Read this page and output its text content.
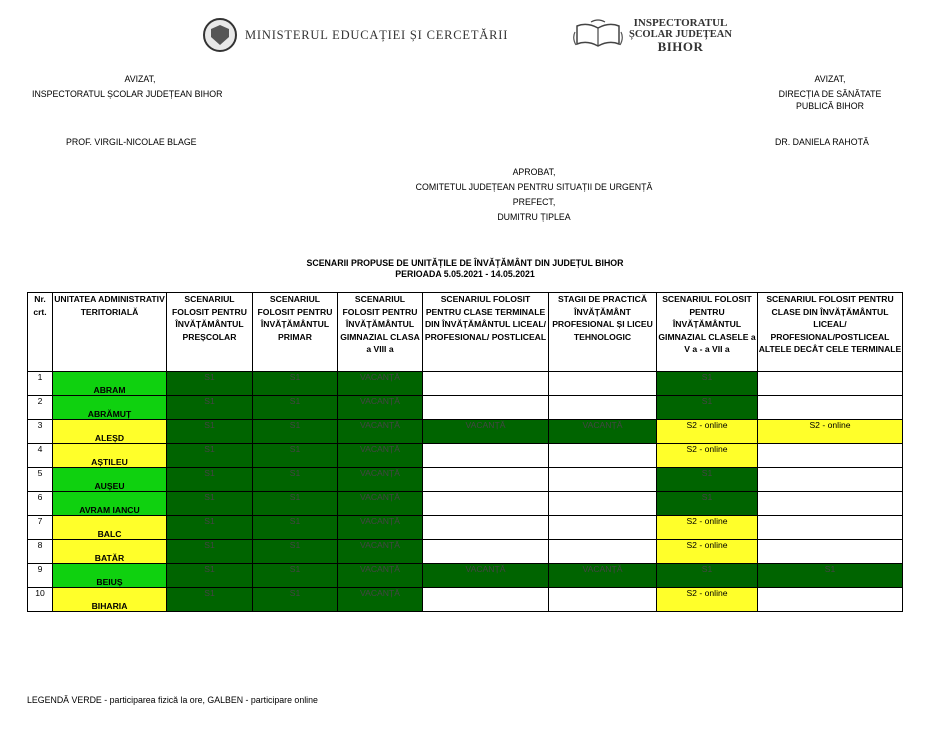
MINISTERUL EDUCAȚIEI ȘI CERCETĂRII
INSPECTORATUL
ȘCOLAR JUDEȚEAN
BIHOR
AVIZAT,
INSPECTORATUL ȘCOLAR JUDEȚEAN BIHOR
PROF. VIRGIL-NICOLAE BLAGE
AVIZAT,
DIRECȚIA DE SĂNĂTATE
PUBLICĂ BIHOR
DR. DANIELA RAHOTĂ
APROBAT,
COMITETUL JUDEȚEAN PENTRU SITUAȚII DE URGENȚĂ
PREFECT,
DUMITRU ȚIPLEA
SCENARII PROPUSE DE UNITĂȚILE DE ÎNVĂȚĂMÂNT DIN JUDEȚUL BIHOR
PERIOADA 5.05.2021 - 14.05.2021
Nr. crt.	UNITATEA ADMINISTRATIV TERITORIALĂ	SCENARIUL FOLOSIT PENTRU ÎNVĂȚĂMÂNTUL PREȘCOLAR	SCENARIUL FOLOSIT PENTRU ÎNVĂȚĂMÂNTUL PRIMAR	SCENARIUL FOLOSIT PENTRU ÎNVĂȚĂMÂNTUL GIMNAZIAL CLASA a VIII a	SCENARIUL FOLOSIT PENTRU CLASE TERMINALE DIN ÎNVĂȚĂMÂNTUL LICEAL/ PROFESIONAL/ POSTLICEAL	STAGII DE PRACTICĂ ÎNVĂȚĂMÂNT PROFESIONAL ȘI LICEU TEHNOLOGIC	SCENARIUL FOLOSIT PENTRU ÎNVĂȚĂMÂNTUL GIMNAZIAL CLASELE a V a - a VII a	SCENARIUL FOLOSIT PENTRU CLASE DIN ÎNVĂȚĂMÂNTUL LICEAL/ PROFESIONAL/POSTLICEAL ALTELE DECÂT CELE TERMINALE
1	ABRAM	S1	S1	VACANȚĂ			S1	
2	ABRĂMUȚ	S1	S1	VACANȚĂ			S1	
3	ALEȘD	S1	S1	VACANȚĂ	VACANȚĂ	VACANȚĂ	S2 - online	S2 - online
4	AȘTILEU	S1	S1	VACANȚĂ			S2 - online	
5	AUȘEU	S1	S1	VACANȚĂ			S1	
6	AVRAM IANCU	S1	S1	VACANȚĂ			S1	
7	BALC	S1	S1	VACANȚĂ			S2 - online	
8	BATĂR	S1	S1	VACANȚĂ			S2 - online	
9	BEIUȘ	S1	S1	VACANȚĂ	VACANȚĂ	VACANȚĂ	S1	S1
10	BIHARIA	S1	S1	VACANȚĂ			S2 - online	
LEGENDĂ VERDE - participarea fizică la ore, GALBEN - participare online
